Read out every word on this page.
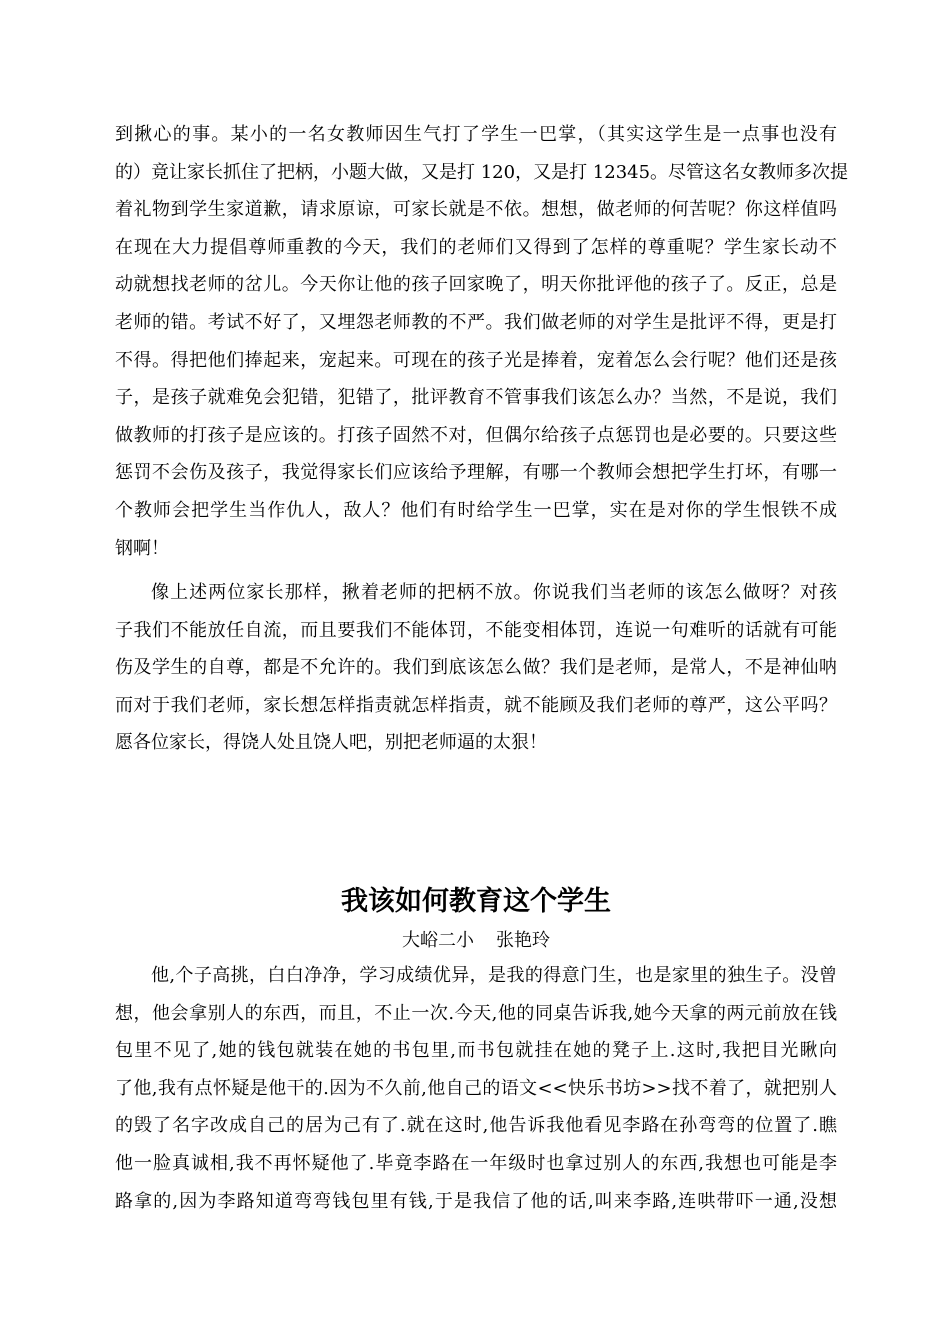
到揪心的事。某小的一名女教师因生气打了学生一巴掌，（其实这学生是一点事也没有
的）竟让家长抓住了把柄，小题大做，又是打 120，又是打 12345。尽管这名女教师多次提
着礼物到学生家道歉，请求原谅，可家长就是不依。想想，做老师的何苦呢？你这样值吗
在现在大力提倡尊师重教的今天，我们的老师们又得到了怎样的尊重呢？学生家长动不
动就想找老师的岔儿。今天你让他的孩子回家晚了，明天你批评他的孩子了。反正，总是
老师的错。考试不好了，又埋怨老师教的不严。我们做老师的对学生是批评不得，更是打
不得。得把他们捧起来，宠起来。可现在的孩子光是捧着，宠着怎么会行呢？他们还是孩
子，是孩子就难免会犯错，犯错了，批评教育不管事我们该怎么办？当然，不是说，我们
做教师的打孩子是应该的。打孩子固然不对，但偶尔给孩子点惩罚也是必要的。只要这些
惩罚不会伤及孩子，我觉得家长们应该给予理解，有哪一个教师会想把学生打坏，有哪一
个教师会把学生当作仇人，敌人？他们有时给学生一巴掌，实在是对你的学生恨铁不成
钢啊！
像上述两位家长那样，揪着老师的把柄不放。你说我们当老师的该怎么做呀？对孩
子我们不能放任自流，而且要我们不能体罚，不能变相体罚，连说一句难听的话就有可能
伤及学生的自尊，都是不允许的。我们到底该怎么做？我们是老师，是常人，不是神仙呐
而对于我们老师，家长想怎样指责就怎样指责，就不能顾及我们老师的尊严，这公平吗？
愿各位家长，得饶人处且饶人吧，别把老师逼的太狠！
我该如何教育这个学生
大峪二小 张艳玲
他,个子高挑，白白净净，学习成绩优异，是我的得意门生，也是家里的独生子。没曾
想，他会拿别人的东西，而且，不止一次.今天,他的同桌告诉我,她今天拿的两元前放在钱
包里不见了,她的钱包就装在她的书包里,而书包就挂在她的凳子上.这时,我把目光瞅向
了他,我有点怀疑是他干的.因为不久前,他自己的语文<<快乐书坊>>找不着了，就把别人
的毁了名字改成自己的居为己有了.就在这时,他告诉我他看见李路在孙弯弯的位置了.瞧
他一脸真诚相,我不再怀疑他了.毕竟李路在一年级时也拿过别人的东西,我想也可能是李
路拿的,因为李路知道弯弯钱包里有钱,于是我信了他的话,叫来李路,连哄带吓一通,没想
